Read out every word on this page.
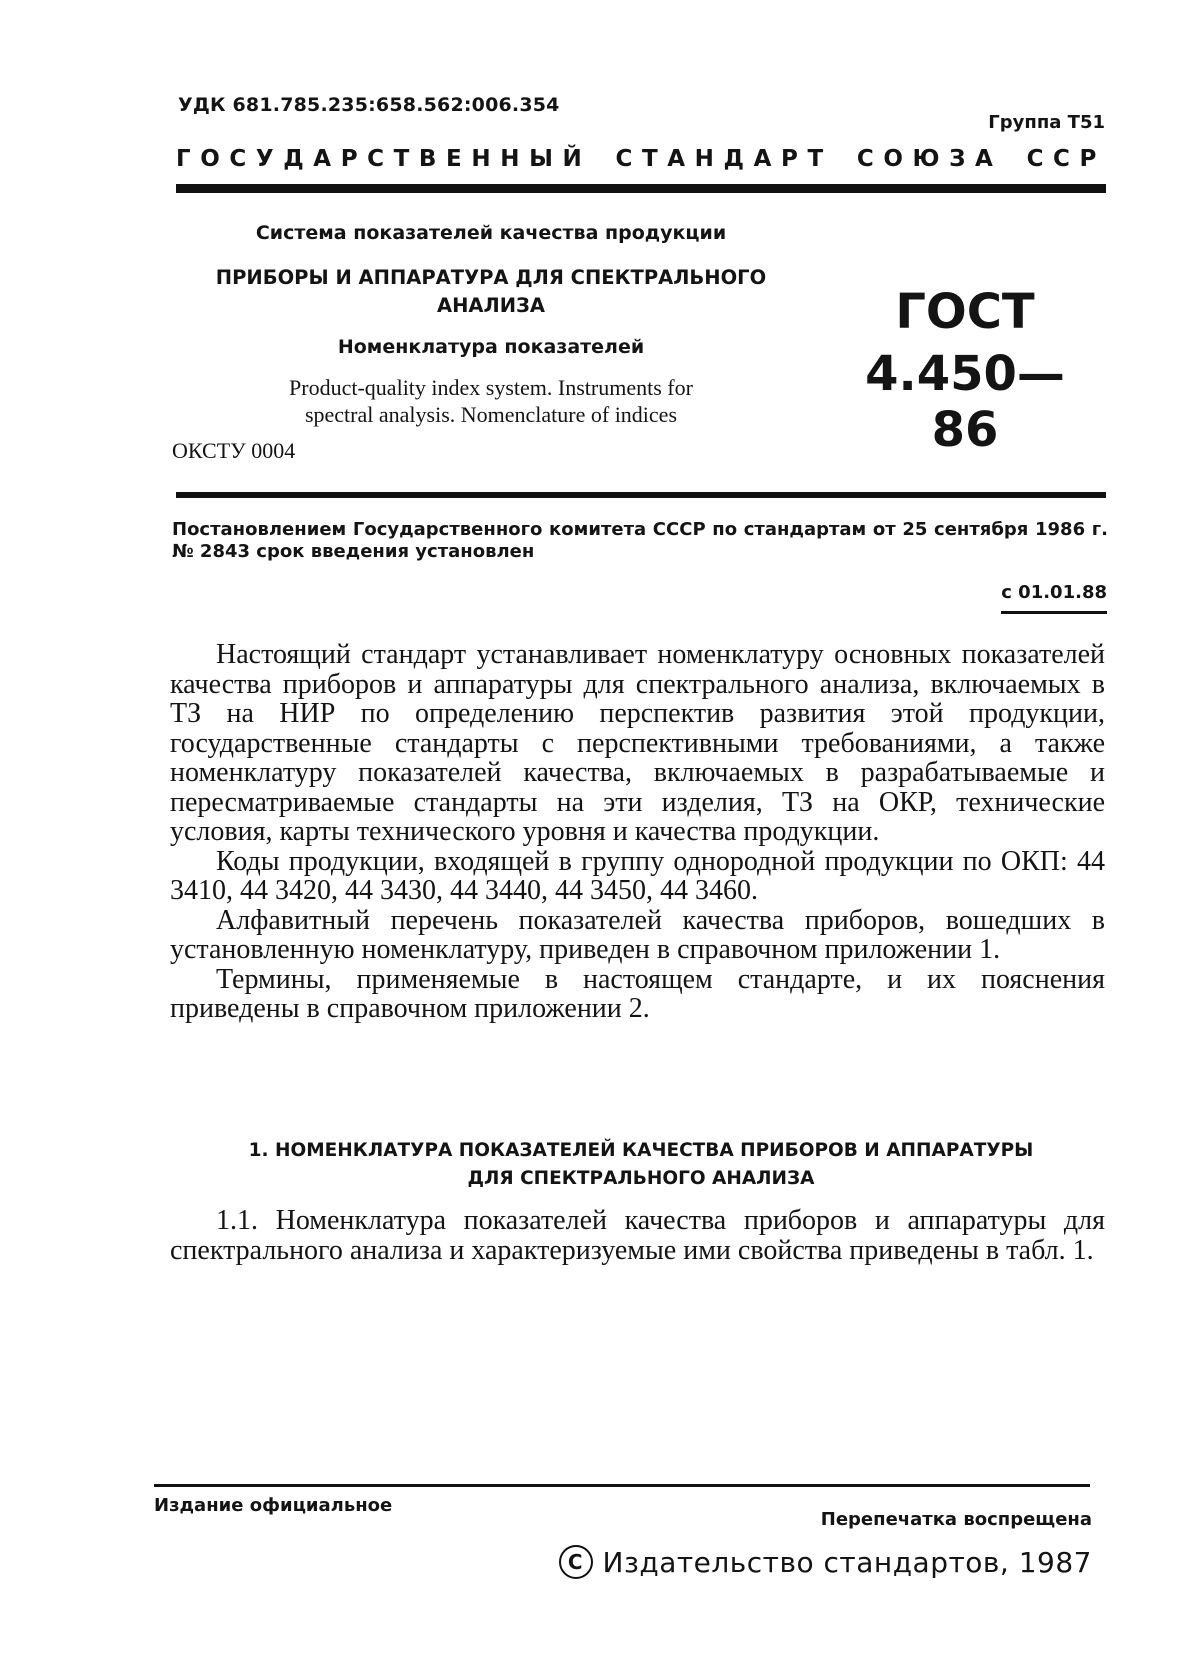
УДК 681.785.235:658.562:006.354
Группа Т51
ГОСУДАРСТВЕННЫЙ СТАНДАРТ СОЮЗА ССР
Система показателей качества продукции
ПРИБОРЫ И АППАРАТУРА ДЛЯ СПЕКТРАЛЬНОГО
АНАЛИЗА
Номенклатура показателей
Product-quality index system. Instruments for
spectral analysis. Nomenclature of indices
ОКСТУ 0004
ГОСТ
4.450—86
Постановлением Государственного комитета СССР по стандартам от 25 сентября 1986 г. № 2843 срок введения установлен
с 01.01.88

Настоящий стандарт устанавливает номенклатуру основных показателей качества приборов и аппаратуры для спектрального анализа, включаемых в ТЗ на НИР по определению перспектив развития этой продукции, государственные стандарты с перспективными требованиями, а также номенклатуру показателей качества, включаемых в разрабатываемые и пересматриваемые стандарты на эти изделия, ТЗ на ОКР, технические условия, карты технического уровня и качества продукции.

Коды продукции, входящей в группу однородной продукции по ОКП: 44 3410, 44 3420, 44 3430, 44 3440, 44 3450, 44 3460.

Алфавитный перечень показателей качества приборов, вошедших в установленную номенклатуру, приведен в справочном приложении 1.

Термины, применяемые в настоящем стандарте, и их пояснения приведены в справочном приложении 2.

1. НОМЕНКЛАТУРА ПОКАЗАТЕЛЕЙ КАЧЕСТВА ПРИБОРОВ И АППАРАТУРЫ
ДЛЯ СПЕКТРАЛЬНОГО АНАЛИЗА

1.1. Номенклатура показателей качества приборов и аппаратуры для спектрального анализа и характеризуемые ими свойства приведены в табл. 1.

Издание официальное
Перепечатка воспрещена
C Издательство стандартов, 1987
